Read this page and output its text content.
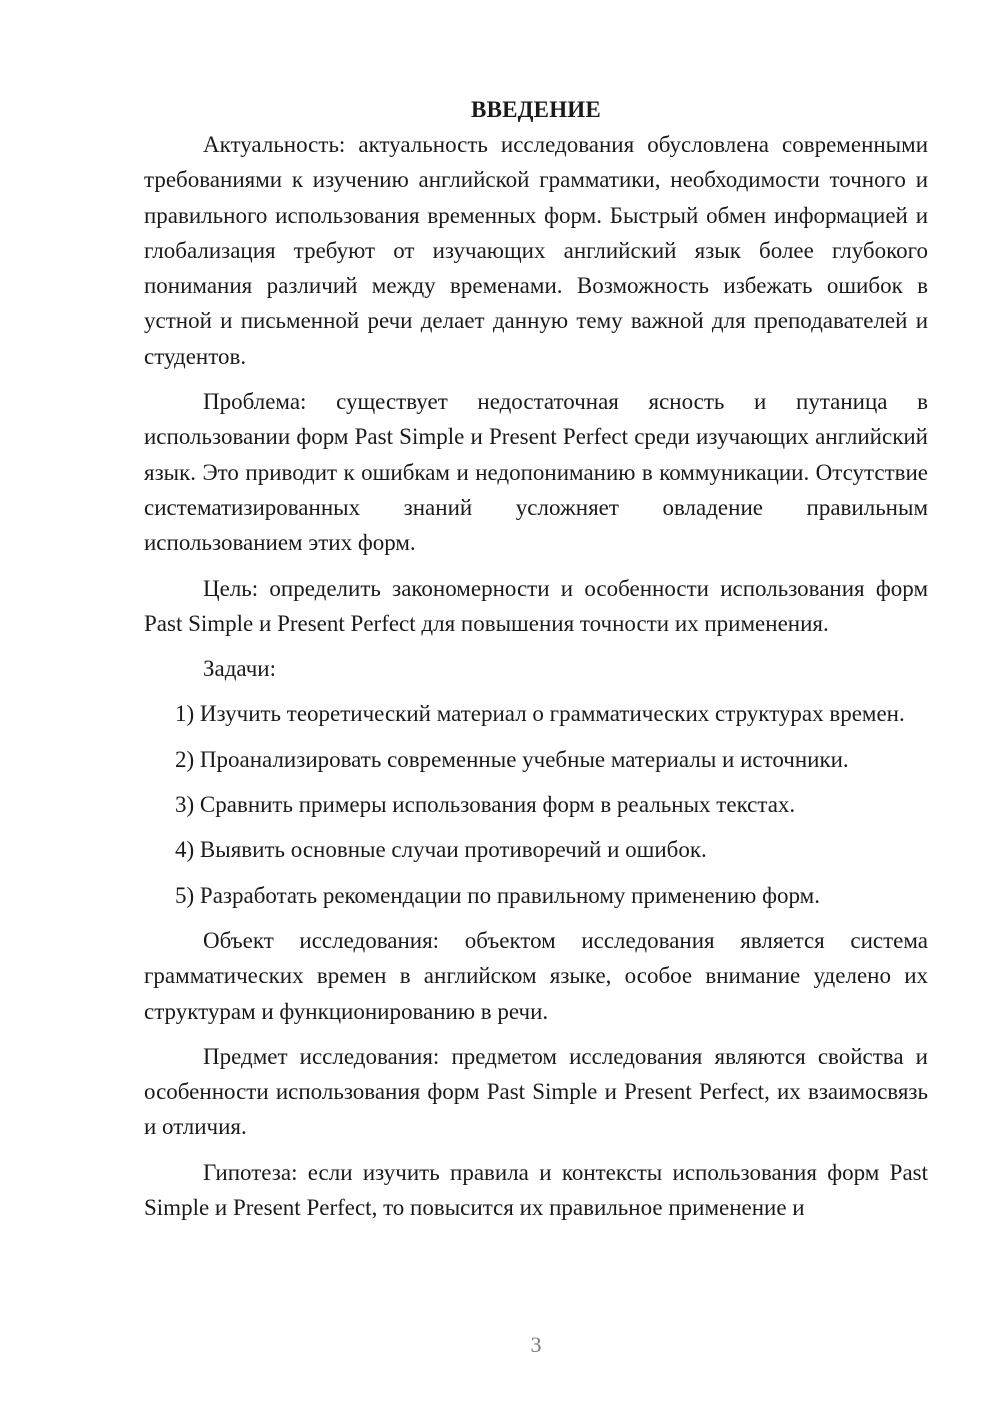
ВВЕДЕНИЕ

Актуальность: актуальность исследования обусловлена современными требованиями к изучению английской грамматики, необходимости точного и правильного использования временных форм. Быстрый обмен информацией и глобализация требуют от изучающих английский язык более глубокого понимания различий между временами. Возможность избежать ошибок в устной и письменной речи делает данную тему важной для преподавателей и студентов.

Проблема: существует недостаточная ясность и путаница в использовании форм Past Simple и Present Perfect среди изучающих английский язык. Это приводит к ошибкам и недопониманию в коммуникации. Отсутствие систематизированных знаний усложняет овладение правильным использованием этих форм.

Цель: определить закономерности и особенности использования форм Past Simple и Present Perfect для повышения точности их применения.

Задачи:

1) Изучить теоретический материал о грамматических структурах времен.

2) Проанализировать современные учебные материалы и источники.

3) Сравнить примеры использования форм в реальных текстах.

4) Выявить основные случаи противоречий и ошибок.

5) Разработать рекомендации по правильному применению форм.

Объект исследования: объектом исследования является система грамматических времен в английском языке, особое внимание уделено их структурам и функционированию в речи.

Предмет исследования: предметом исследования являются свойства и особенности использования форм Past Simple и Present Perfect, их взаимосвязь и отличия.

Гипотеза: если изучить правила и контексты использования форм Past Simple и Present Perfect, то повысится их правильное применение и

3
